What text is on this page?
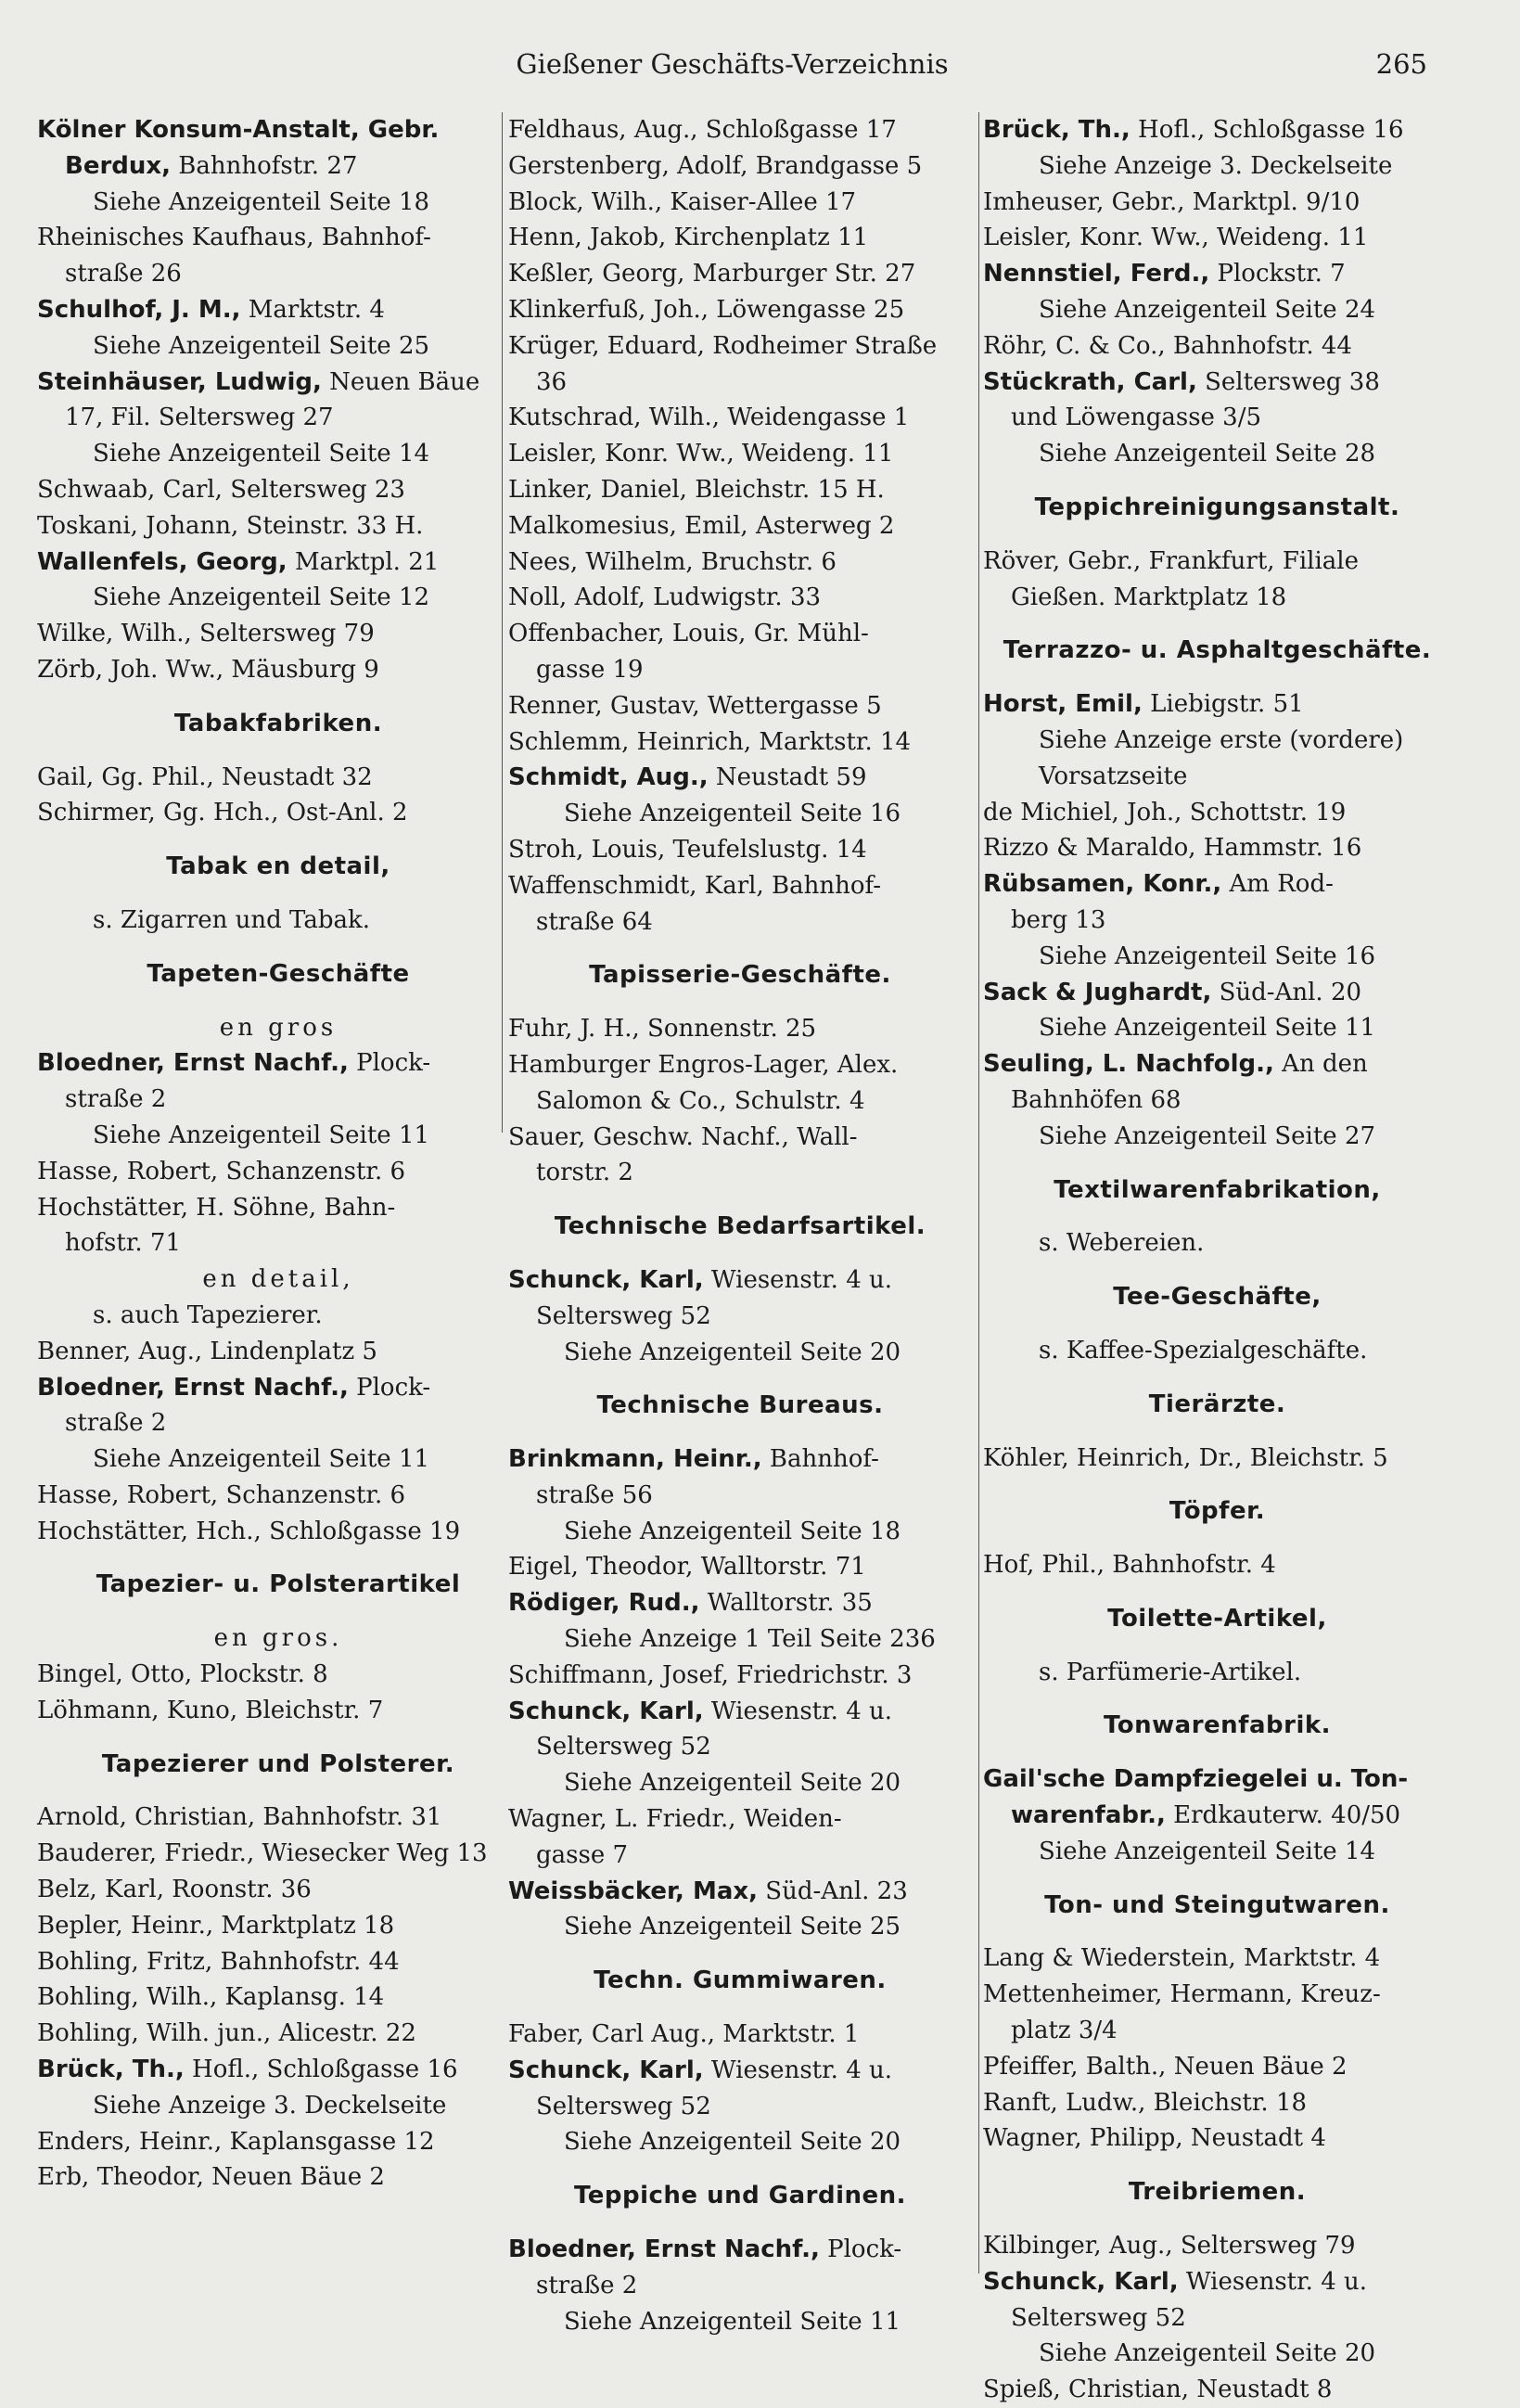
Gießener Geschäfts-Verzeichnis	265
Kölner Konsum-Anstalt, Gebr. Berdux, Bahnhofstr. 27
Siehe Anzeigenteil Seite 18
Rheinisches Kaufhaus, Bahnhof-
straße 26
Schulhof, J. M., Marktstr. 4
Siehe Anzeigenteil Seite 25
Steinhäuser, Ludwig, Neuen Bäue 17, Fil. Seltersweg 27
Siehe Anzeigenteil Seite 14
Schwaab, Carl, Seltersweg 23
Toskani, Johann, Steinstr. 33 H.
Wallenfels, Georg, Marktpl. 21
Siehe Anzeigenteil Seite 12
Wilke, Wilh., Seltersweg 79
Zörb, Joh. Ww., Mäusburg 9
Tabakfabriken.
Gail, Gg. Phil., Neustadt 32
Schirmer, Gg. Hch., Ost-Anl. 2
Tabak en detail,
s. Zigarren und Tabak.
Tapeten-Geschäfte
en gros
Bloedner, Ernst Nachf., Plock-
straße 2
Siehe Anzeigenteil Seite 11
Hasse, Robert, Schanzenstr. 6
Hochstätter, H. Söhne, Bahn-
hofstr. 71
en detail,
s. auch Tapezierer.
Benner, Aug., Lindenplatz 5
Bloedner, Ernst Nachf., Plock-
straße 2
Siehe Anzeigenteil Seite 11
Hasse, Robert, Schanzenstr. 6
Hochstätter, Hch., Schloßgasse 19
Tapezier- u. Polsterartikel
en gros.
Bingel, Otto, Plockstr. 8
Löhmann, Kuno, Bleichstr. 7
Tapezierer und Polsterer.
Arnold, Christian, Bahnhofstr. 31
Bauderer, Friedr., Wiesecker Weg 13
Belz, Karl, Roonstr. 36
Bepler, Heinr., Marktplatz 18
Bohling, Fritz, Bahnhofstr. 44
Bohling, Wilh., Kaplansg. 14
Bohling, Wilh. jun., Alicestr. 22
Brück, Th., Hofl., Schloßgasse 16
Siehe Anzeige 3. Deckelseite
Enders, Heinr., Kaplansgasse 12
Erb, Theodor, Neuen Bäue 2
Feldhaus, Aug., Schloßgasse 17
Gerstenberg, Adolf, Brandgasse 5
Block, Wilh., Kaiser-Allee 17
Henn, Jakob, Kirchenplatz 11
Keßler, Georg, Marburger Str. 27
Klinkerfuß, Joh., Löwengasse 25
Krüger, Eduard, Rodheimer Straße 36
Kutschrad, Wilh., Weidengasse 1
Leisler, Konr. Ww., Weideng. 11
Linker, Daniel, Bleichstr. 15 H.
Malkomesius, Emil, Asterweg 2
Nees, Wilhelm, Bruchstr. 6
Noll, Adolf, Ludwigstr. 33
Offenbacher, Louis, Gr. Mühl-
gasse 19
Renner, Gustav, Wettergasse 5
Schlemm, Heinrich, Marktstr. 14
Schmidt, Aug., Neustadt 59
Siehe Anzeigenteil Seite 16
Stroh, Louis, Teufelslustg. 14
Waffenschmidt, Karl, Bahnhof-
straße 64
Tapisserie-Geschäfte.
Fuhr, J. H., Sonnenstr. 25
Hamburger Engros-Lager, Alex.
Salomon & Co., Schulstr. 4
Sauer, Geschw. Nachf., Wall-
torstr. 2
Technische Bedarfsartikel.
Schunck, Karl, Wiesenstr. 4 u. Seltersweg 52
Siehe Anzeigenteil Seite 20
Technische Bureaus.
Brinkmann, Heinr., Bahnhof-
straße 56
Siehe Anzeigenteil Seite 18
Eigel, Theodor, Walltorstr. 71
Rödiger, Rud., Walltorstr. 35
Siehe Anzeige 1 Teil Seite 236
Schiffmann, Josef, Friedrichstr. 3
Schunck, Karl, Wiesenstr. 4 u. Seltersweg 52
Siehe Anzeigenteil Seite 20
Wagner, L. Friedr., Weiden-
gasse 7
Weissbäcker, Max, Süd-Anl. 23
Siehe Anzeigenteil Seite 25
Techn. Gummiwaren.
Faber, Carl Aug., Marktstr. 1
Schunck, Karl, Wiesenstr. 4 u. Seltersweg 52
Siehe Anzeigenteil Seite 20
Teppiche und Gardinen.
Bloedner, Ernst Nachf., Plock-
straße 2
Siehe Anzeigenteil Seite 11
Brück, Th., Hofl., Schloßgasse 16
Siehe Anzeige 3. Deckelseite
Imheuser, Gebr., Marktpl. 9/10
Leisler, Konr. Ww., Weideng. 11
Nennstiel, Ferd., Plockstr. 7
Siehe Anzeigenteil Seite 24
Röhr, C. & Co., Bahnhofstr. 44
Stückrath, Carl, Seltersweg 38
und Löwengasse 3/5
Siehe Anzeigenteil Seite 28
Teppichreinigungsanstalt.
Röver, Gebr., Frankfurt, Filiale
Gießen. Marktplatz 18
Terrazzo- u. Asphaltgeschäfte.
Horst, Emil, Liebigstr. 51
Siehe Anzeige erste (vordere)
Vorsatzseite
de Michiel, Joh., Schottstr. 19
Rizzo & Maraldo, Hammstr. 16
Rübsamen, Konr., Am Rod-
berg 13
Siehe Anzeigenteil Seite 16
Sack & Jughardt, Süd-Anl. 20
Siehe Anzeigenteil Seite 11
Seuling, L. Nachfolg., An den
Bahnhöfen 68
Siehe Anzeigenteil Seite 27
Textilwarenfabrikation,
s. Webereien.
Tee-Geschäfte,
s. Kaffee-Spezialgeschäfte.
Tierärzte.
Köhler, Heinrich, Dr., Bleichstr. 5
Töpfer.
Hof, Phil., Bahnhofstr. 4
Toilette-Artikel,
s. Parfümerie-Artikel.
Tonwarenfabrik.
Gail'sche Dampfziegelei u. Ton-
warenfabr., Erdkauterw. 40/50
Siehe Anzeigenteil Seite 14
Ton- und Steingutwaren.
Lang & Wiederstein, Marktstr. 4
Mettenheimer, Hermann, Kreuz-
platz 3/4
Pfeiffer, Balth., Neuen Bäue 2
Ranft, Ludw., Bleichstr. 18
Wagner, Philipp, Neustadt 4
Treibriemen.
Kilbinger, Aug., Seltersweg 79
Schunck, Karl, Wiesenstr. 4 u. Seltersweg 52
Siehe Anzeigenteil Seite 20
Spieß, Christian, Neustadt 8
